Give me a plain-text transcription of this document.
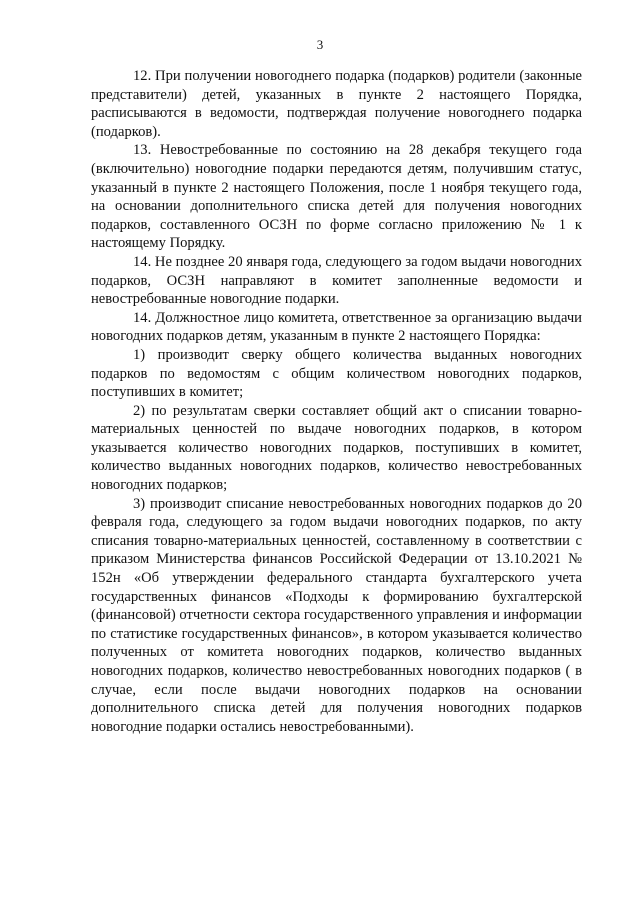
3

12. При получении новогоднего подарка (подарков) родители (законные представители) детей, указанных в пункте 2 настоящего Порядка, расписываются в ведомости, подтверждая получение новогоднего подарка (подарков).

13. Невостребованные по состоянию на 28 декабря текущего года (включительно) новогодние подарки передаются детям, получившим статус, указанный в пункте 2 настоящего Положения, после 1 ноября текущего года, на основании дополнительного списка детей для получения новогодних подарков, составленного ОСЗН по форме согласно приложению № 1 к настоящему Порядку.

14. Не позднее 20 января года, следующего за годом выдачи новогодних подарков, ОСЗН направляют в комитет заполненные ведомости и невостребованные новогодние подарки.

14. Должностное лицо комитета, ответственное за организацию выдачи новогодних подарков детям, указанным в пункте 2 настоящего Порядка:

1) производит сверку общего количества выданных новогодних подарков по ведомостям с общим количеством новогодних подарков, поступивших в комитет;

2) по результатам сверки составляет общий акт о списании товарно-материальных ценностей по выдаче новогодних подарков, в котором указывается количество новогодних подарков, поступивших в комитет, количество выданных новогодних подарков, количество невостребованных новогодних подарков;

3) производит списание невостребованных новогодних подарков до 20 февраля года, следующего за годом выдачи новогодних подарков, по акту списания товарно-материальных ценностей, составленному в соответствии с приказом Министерства финансов Российской Федерации от 13.10.2021 № 152н «Об утверждении федерального стандарта бухгалтерского учета государственных финансов «Подходы к формированию бухгалтерской (финансовой) отчетности сектора государственного управления и информации по статистике государственных финансов», в котором указывается количество полученных от комитета новогодних подарков, количество выданных новогодних подарков, количество невостребованных новогодних подарков ( в случае, если после выдачи новогодних подарков на основании дополнительного списка детей для получения новогодних подарков новогодние подарки остались невостребованными).
